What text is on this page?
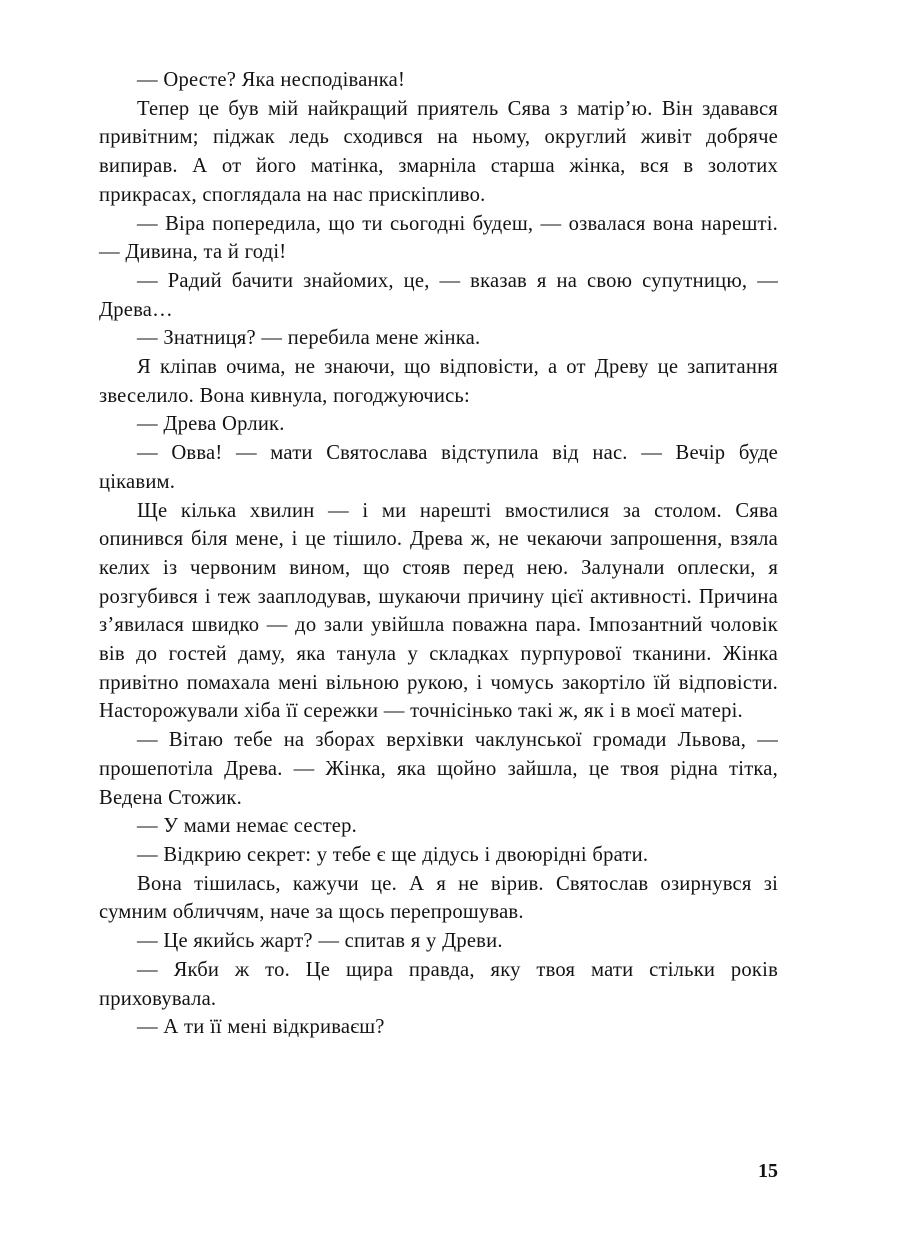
— Оресте? Яка несподіванка!

Тепер це був мій найкращий приятель Сява з матір’ю. Він здавався привітним; піджак ледь сходився на ньому, округлий живіт добряче випирав. А от його матінка, змарніла старша жінка, вся в золотих прикрасах, споглядала на нас прискіпливо.

— Віра попередила, що ти сьогодні будеш, — озвалася вона нарешті. — Дивина, та й годі!

— Радий бачити знайомих, це, — вказав я на свою супутницю, — Древа…

— Знатниця? — перебила мене жінка.

Я кліпав очима, не знаючи, що відповісти, а от Древу це запитання звеселило. Вона кивнула, погоджуючись:

— Древа Орлик.

— Овва! — мати Святослава відступила від нас. — Вечір буде цікавим.

Ще кілька хвилин — і ми нарешті вмостилися за столом. Сява опинився біля мене, і це тішило. Древа ж, не чекаючи запрошення, взяла келих із червоним вином, що стояв перед нею. Залунали оплески, я розгубився і теж зааплодував, шукаючи причину цієї активності. Причина з’явилася швидко — до зали увійшла поважна пара. Імпозантний чоловік вів до гостей даму, яка танула у складках пурпурової тканини. Жінка привітно помахала мені вільною рукою, і чомусь закортіло їй відповісти. Насторожували хіба її сережки — точнісінько такі ж, як і в моєї матері.

— Вітаю тебе на зборах верхівки чаклунської громади Львова, — прошепотіла Древа. — Жінка, яка щойно зайшла, це твоя рідна тітка, Ведена Стожик.

— У мами немає сестер.

— Відкрию секрет: у тебе є ще дідусь і двоюрідні брати.

Вона тішилась, кажучи це. А я не вірив. Святослав озирнувся зі сумним обличчям, наче за щось перепрошував.

— Це якийсь жарт? — спитав я у Древи.

— Якби ж то. Це щира правда, яку твоя мати стільки років приховувала.

— А ти її мені відкриваєш?

15
